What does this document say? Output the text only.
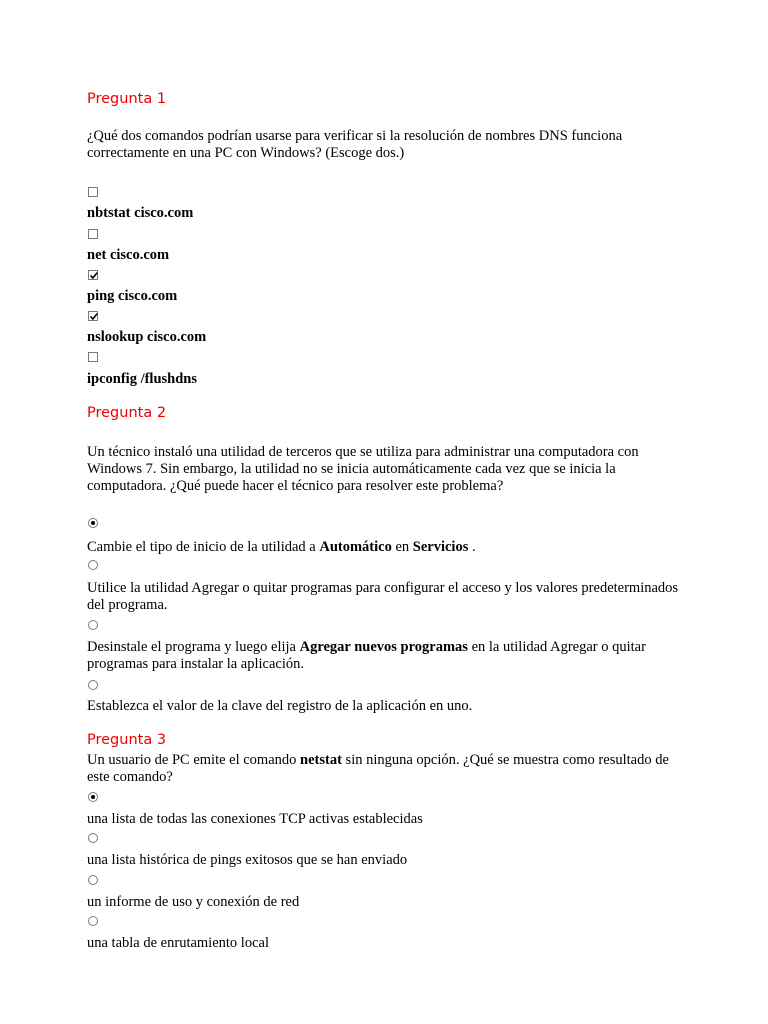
Pregunta 1

¿Qué dos comandos podrían usarse para verificar si la resolución de nombres DNS funciona correctamente en una PC con Windows? (Escoge dos.)

nbtstat cisco.com
net cisco.com
ping cisco.com
nslookup cisco.com
ipconfig /flushdns
Pregunta 2

Un técnico instaló una utilidad de terceros que se utiliza para administrar una computadora con Windows 7. Sin embargo, la utilidad no se inicia automáticamente cada vez que se inicia la computadora. ¿Qué puede hacer el técnico para resolver este problema?

Cambie el tipo de inicio de la utilidad a Automático en Servicios .

Utilice la utilidad Agregar o quitar programas para configurar el acceso y los valores predeterminados del programa.

Desinstale el programa y luego elija Agregar nuevos programas en la utilidad Agregar o quitar programas para instalar la aplicación.

Establezca el valor de la clave del registro de la aplicación en uno.
Pregunta 3

Un usuario de PC emite el comando netstat sin ninguna opción. ¿Qué se muestra como resultado de este comando?

una lista de todas las conexiones TCP activas establecidas
una lista histórica de pings exitosos que se han enviado
un informe de uso y conexión de red
una tabla de enrutamiento local
